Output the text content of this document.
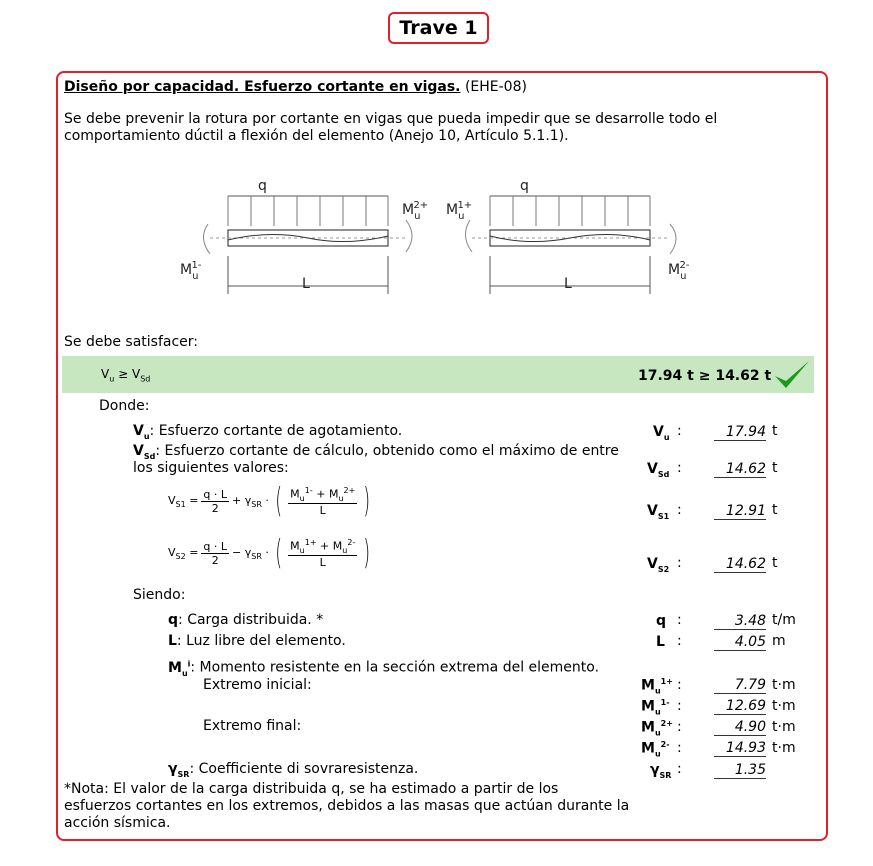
Trave 1
Diseño por capacidad. Esfuerzo cortante en vigas. (EHE-08)
Se debe prevenir la rotura por cortante en vigas que pueda impedir que se desarrolle todo el
comportamiento dúctil a flexión del elemento (Anejo 10, Artículo 5.1.1).
q	q
L	L
$M_u1-$
$M_u2+ M_u1+$
$M_u2-$
Se debe satisfacer:
$V_u \ge V_{Sd}$	17.94 t ≥ 14.62 t
Donde:
$V_u$: Esfuerzo cortante de agotamiento.	$V_u$ :	17.94 t
$V_{Sd}$: Esfuerzo cortante de cálculo, obtenido como el máximo de entre
los siguientes valores:	$V_{Sd}$ :	14.62 t
$V_{S1} = \frac{q \cdot L}{2} + \gamma_{SR}$ · ( $\frac{M_u^{1-} + M_u^{2+}}{L}$ )	$V_{S1}$ :	12.91 t
$V_{S2} = \frac{q \cdot L}{2} - \gamma_{SR}$ · ( $\frac{M_u^{1+} + M_u^{2-}}{L}$ )	$V_{S2}$ :	14.62 t
Siendo:
q: Carga distribuida. *	q :	3.48 t/m
L: Luz libre del elemento.	L :	4.05 m
$M_u^i$: Momento resistente en la sección extrema del elemento.
Extremo inicial:
Extremo final:
$M_u^{1+}$ :	7.79 t·m
$M_u^{1-}$ :	12.69 t·m
$M_u^{2+}$ :	4.90 t·m
$M_u^{2-}$ :	14.93 t·m
$\gamma_{SR}$: Coefficiente di sovraresistenza.	$\gamma_{SR}$ :	1.35
*Nota: El valor de la carga distribuida q, se ha estimado a partir de los
esfuerzos cortantes en los extremos, debidos a las masas que actúan durante la
acción sísmica.
